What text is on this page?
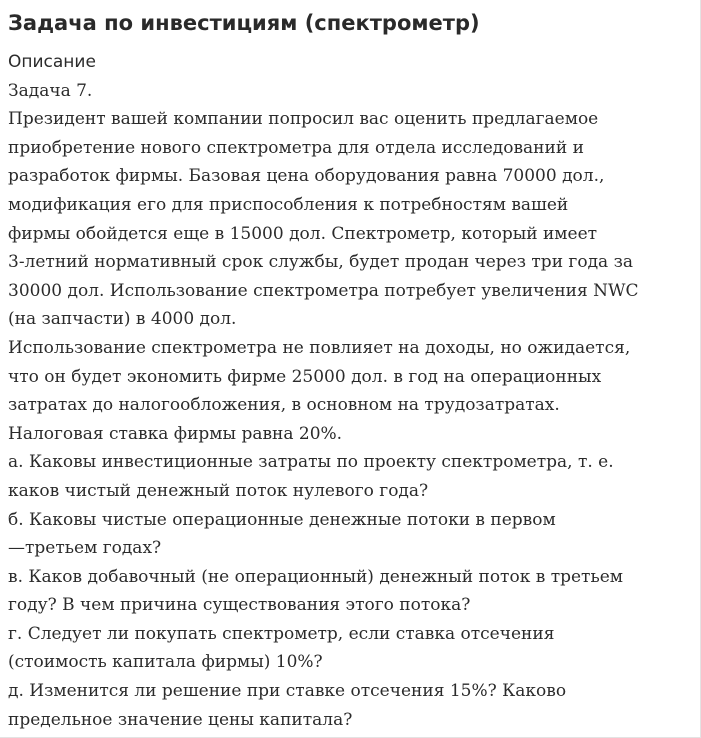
Задача по инвестициям (спектрометр)
Описание
Задача 7.
Президент вашей компании попросил вас оценить предлагаемое
приобретение нового спектрометра для отдела исследований и
разработок фирмы. Базовая цена оборудования равна 70000 дол.,
модификация его для приспособления к потребностям вашей
фирмы обойдется еще в 15000 дол. Спектрометр, который имеет
3-летний нормативный срок службы, будет продан через три года за
30000 дол. Использование спектрометра потребует увеличения NWC
(на запчасти) в 4000 дол.
Использование спектрометра не повлияет на доходы, но ожидается,
что он будет экономить фирме 25000 дол. в год на операционных
затратах до налогообложения, в основном на трудозатратах.
Налоговая ставка фирмы равна 20%.
а. Каковы инвестиционные затраты по проекту спектрометра, т. е.
каков чистый денежный поток нулевого года?
б. Каковы чистые операционные денежные потоки в первом
—третьем годах?
в. Каков добавочный (не операционный) денежный поток в третьем
году? В чем причина существования этого потока?
г. Следует ли покупать спектрометр, если ставка отсечения
(стоимость капитала фирмы) 10%?
д. Изменится ли решение при ставке отсечения 15%? Каково
предельное значение цены капитала?
